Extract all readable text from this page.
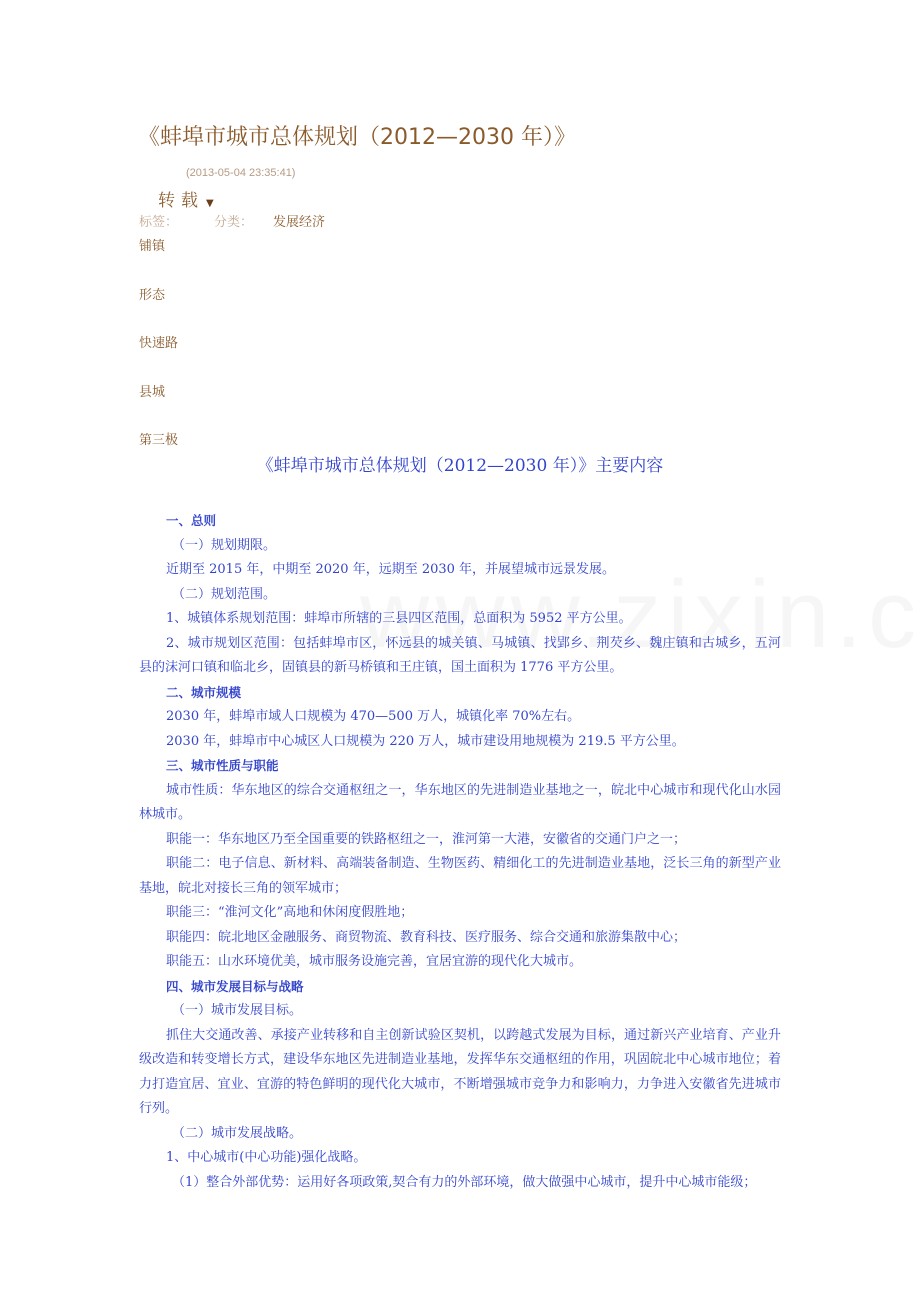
《蚌埠市城市总体规划（2012—2030 年）》
(2013-05-04 23:35:41)
转载 ▼
标签：	分类： 发展经济
铺镇
形态
快速路
县城
第三极
《蚌埠市城市总体规划（2012—2030 年）》主要内容

一、总则

（一）规划期限。

近期至 2015 年，中期至 2020 年，远期至 2030 年，并展望城市远景发展。

（二）规划范围。

1、城镇体系规划范围：蚌埠市所辖的三县四区范围，总面积为 5952 平方公里。

2、城市规划区范围：包括蚌埠市区，怀远县的城关镇、马城镇、找郢乡、荆芡乡、魏庄镇和古城乡，五河县的沫河口镇和临北乡，固镇县的新马桥镇和王庄镇，国土面积为 1776 平方公里。

二、城市规模

2030 年，蚌埠市域人口规模为 470—500 万人，城镇化率 70%左右。

2030 年，蚌埠市中心城区人口规模为 220 万人，城市建设用地规模为 219.5 平方公里。

三、城市性质与职能

城市性质：华东地区的综合交通枢纽之一，华东地区的先进制造业基地之一，皖北中心城市和现代化山水园林城市。

职能一：华东地区乃至全国重要的铁路枢纽之一，淮河第一大港，安徽省的交通门户之一；

职能二：电子信息、新材料、高端装备制造、生物医药、精细化工的先进制造业基地，泛长三角的新型产业基地，皖北对接长三角的领军城市；

职能三：“淮河文化”高地和休闲度假胜地；

职能四：皖北地区金融服务、商贸物流、教育科技、医疗服务、综合交通和旅游集散中心；

职能五：山水环境优美，城市服务设施完善，宜居宜游的现代化大城市。

四、城市发展目标与战略

（一）城市发展目标。

抓住大交通改善、承接产业转移和自主创新试验区契机，以跨越式发展为目标，通过新兴产业培育、产业升级改造和转变增长方式，建设华东地区先进制造业基地，发挥华东交通枢纽的作用，巩固皖北中心城市地位；着力打造宜居、宜业、宜游的特色鲜明的现代化大城市，不断增强城市竞争力和影响力，力争进入安徽省先进城市行列。

（二）城市发展战略。

1、中心城市(中心功能)强化战略。

（1）整合外部优势：运用好各项政策,契合有力的外部环境，做大做强中心城市，提升中心城市能级；
